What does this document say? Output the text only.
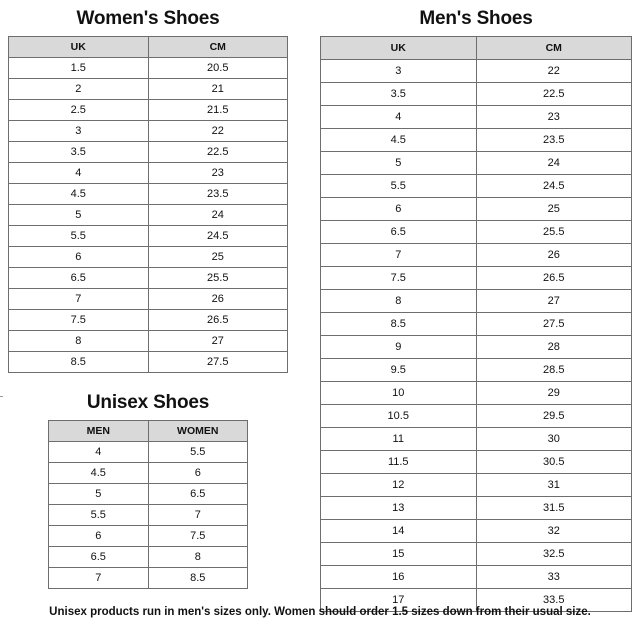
Women's Shoes
UK	CM
1.5	20.5
2	21
2.5	21.5
3	22
3.5	22.5
4	23
4.5	23.5
5	24
5.5	24.5
6	25
6.5	25.5
7	26
7.5	26.5
8	27
8.5	27.5
Men's Shoes
UK	CM
3	22
3.5	22.5
4	23
4.5	23.5
5	24
5.5	24.5
6	25
6.5	25.5
7	26
7.5	26.5
8	27
8.5	27.5
9	28
9.5	28.5
10	29
10.5	29.5
11	30
11.5	30.5
12	31
13	31.5
14	32
15	32.5
16	33
17	33.5
Unisex Shoes
MEN	WOMEN
4	5.5
4.5	6
5	6.5
5.5	7
6	7.5
6.5	8
7	8.5
Unisex products run in men's sizes only. Women should order 1.5 sizes down from their usual size.
